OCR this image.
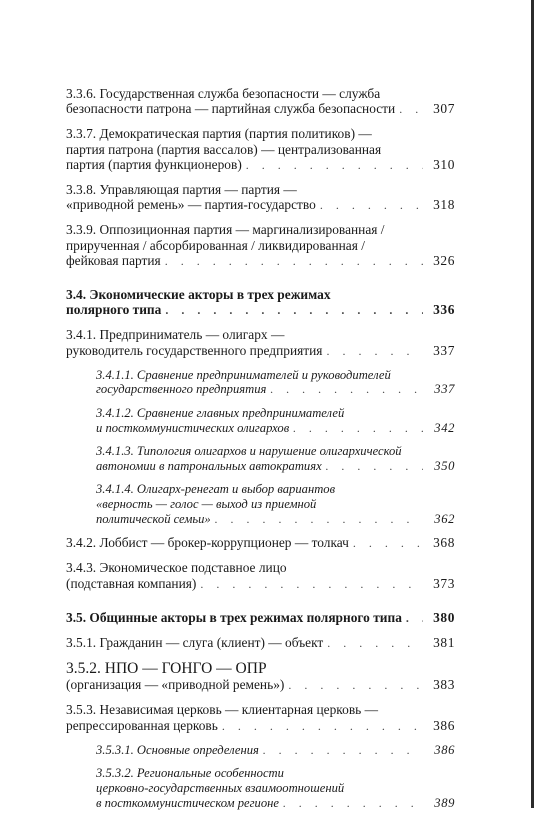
3.3.6. Государственная служба безопасности — служба
безопасности патрона — партийная служба безопасности . . .	307
3.3.7. Демократическая партия (партия политиков) —
партия патрона (партия вассалов) — централизованная
партия (партия функционеров) . . .	310
3.3.8. Управляющая партия — партия —
«приводной ремень» — партия-государство . . .	318
3.3.9. Оппозиционная партия — маргинализированная /
прирученная / абсорбированная / ликвидированная /
фейковая партия . . .	326
3.4. Экономические акторы в трех режимах
полярного типа . . .	336
3.4.1. Предприниматель — олигарх —
руководитель государственного предприятия . . .	337
3.4.1.1. Сравнение предпринимателей и руководителей
государственного предприятия . . .	337
3.4.1.2. Сравнение главных предпринимателей
и посткоммунистических олигархов . . .	342
3.4.1.3. Типология олигархов и нарушение олигархической
автономии в патрональных автократиях . . .	350
3.4.1.4. Олигарх-ренегат и выбор вариантов
«верность — голос — выход из приемной
политической семьи» . . .	362
3.4.2. Лоббист — брокер-коррупционер — толкач . . .	368
3.4.3. Экономическое подставное лицо
(подставная компания) . . .	373
3.5. Общинные акторы в трех режимах полярного типа . . .	380
3.5.1. Гражданин — слуга (клиент) — объект . . .	381
3.5.2. НПО — ГОНГО — ОПР
(организация — «приводной ремень») . . .	383
3.5.3. Независимая церковь — клиентарная церковь —
репрессированная церковь . . .	386
3.5.3.1. Основные определения . . .	386
3.5.3.2. Региональные особенности
церковно-государственных взаимоотношений
в посткоммунистическом регионе . . .	389
